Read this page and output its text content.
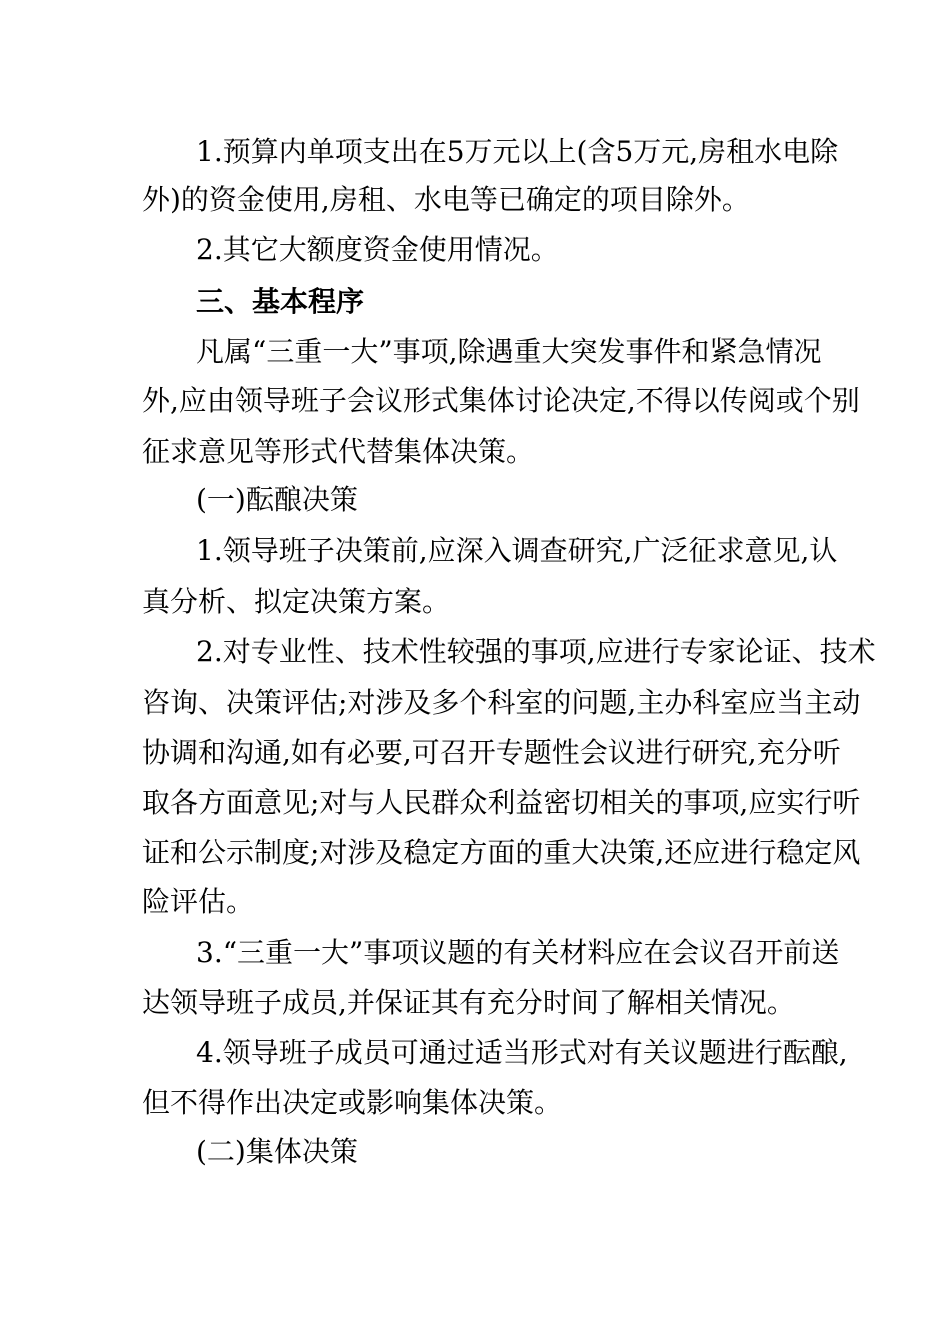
1.预算内单项支出在5万元以上(含5万元,房租水电除
外)的资金使用,房租、水电等已确定的项目除外。
2.其它大额度资金使用情况。
三、基本程序
凡属“三重一大”事项,除遇重大突发事件和紧急情况
外,应由领导班子会议形式集体讨论决定,不得以传阅或个别
征求意见等形式代替集体决策。
(一)酝酿决策
1.领导班子决策前,应深入调查研究,广泛征求意见,认
真分析、拟定决策方案。
2.对专业性、技术性较强的事项,应进行专家论证、技术
咨询、决策评估;对涉及多个科室的问题,主办科室应当主动
协调和沟通,如有必要,可召开专题性会议进行研究,充分听
取各方面意见;对与人民群众利益密切相关的事项,应实行听
证和公示制度;对涉及稳定方面的重大决策,还应进行稳定风
险评估。
3.“三重一大”事项议题的有关材料应在会议召开前送
达领导班子成员,并保证其有充分时间了解相关情况。
4.领导班子成员可通过适当形式对有关议题进行酝酿,
但不得作出决定或影响集体决策。
(二)集体决策
